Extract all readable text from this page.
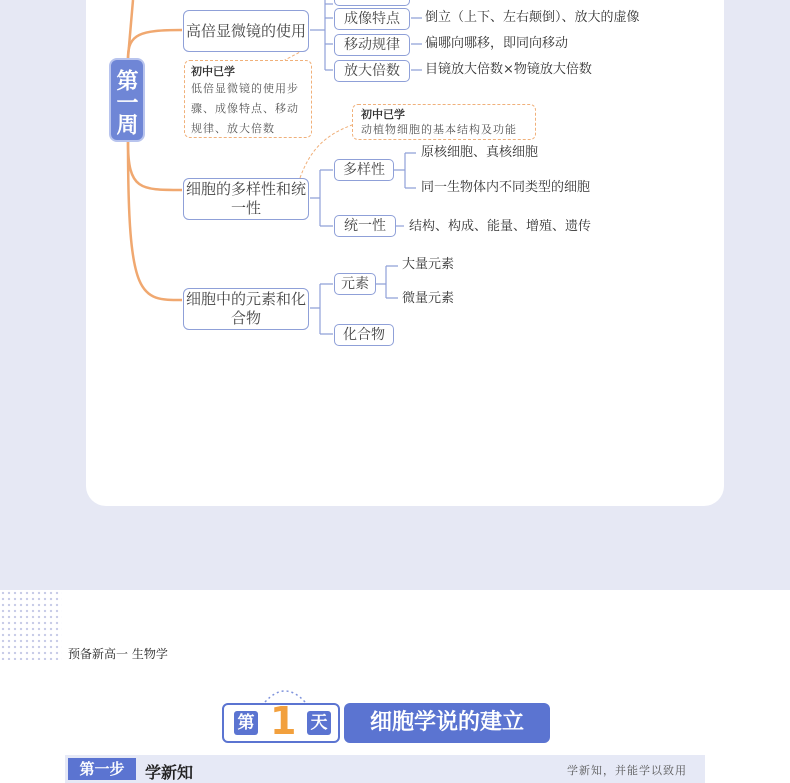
第一周
高倍显微镜的使用
细胞的多样性和统一性
细胞中的元素和化合物
成像特点	倒立（上下、左右颠倒）、放大的虚像
移动规律	偏哪向哪移，即同向移动
放大倍数	目镜放大倍数×物镜放大倍数
初中已学
低倍显微镜的使用步骤、成像特点、移动规律、放大倍数
初中已学
动植物细胞的基本结构及功能
多样性
原核细胞、真核细胞
同一生物体内不同类型的细胞
统一性	结构、构成、能量、增殖、遗传
元素
大量元素
微量元素
化合物
预备新高一 生物学
第 1 天	细胞学说的建立
第一步	学新知	学新知，并能学以致用
